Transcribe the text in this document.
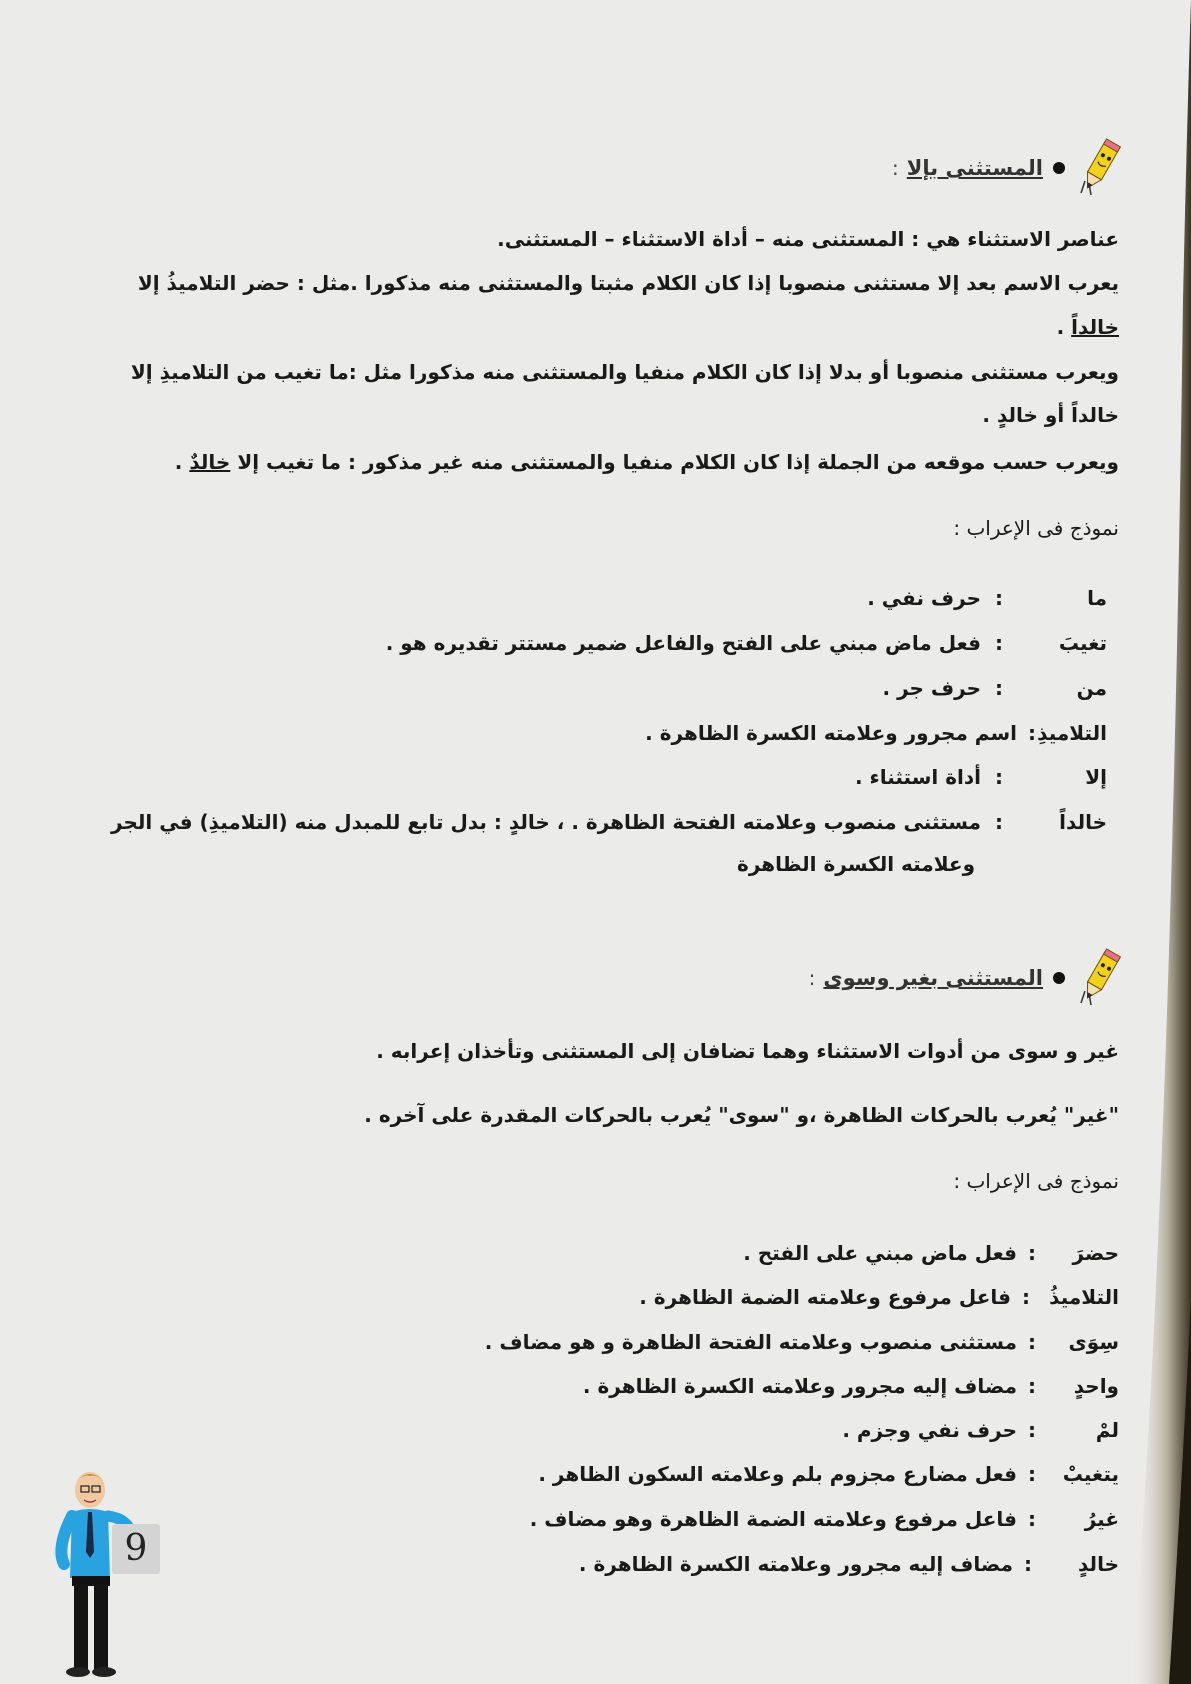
المستثنى بإلا
:
عناصر الاستثناء هي : المستثنى منه – أداة الاستثناء – المستثنى.
يعرب الاسم بعد إلا مستثنى منصوبا إذا كان الكلام مثبتا والمستثنى منه مذكورا .مثل : حضر التلاميذُ إلا
خالداً .
ويعرب مستثنى منصوبا أو بدلا إذا كان الكلام منفيا والمستثنى منه مذكورا مثل :ما تغيب من التلاميذِ إلا
خالداً أو خالدٍ .
ويعرب حسب موقعه من الجملة إذا كان الكلام منفيا والمستثنى منه غير مذكور : ما تغيب إلا خالدٌ .
نموذج فى الإعراب :
ما
:
حرف نفي .
تغيبَ
:
فعل ماض مبني على الفتح والفاعل ضمير مستتر تقديره هو .
من
:
حرف جر .
التلاميذِ
:
اسم مجرور وعلامته الكسرة الظاهرة .
إلا
:
أداة استثناء .
خالداً
:
مستثنى منصوب وعلامته الفتحة الظاهرة . ، خالدٍ : بدل تابع للمبدل منه (التلاميذِ) في الجر
وعلامته الكسرة الظاهرة
المستثنى بغير وسوى
:
غير و سوى من أدوات الاستثناء وهما تضافان إلى المستثنى وتأخذان إعرابه .
"غير" يُعرب بالحركات الظاهرة ،و "سوى" يُعرب بالحركات المقدرة على آخره .
نموذج فى الإعراب :
حضرَ
:
فعل ماض مبني على الفتح .
التلاميذُ
:
فاعل مرفوع وعلامته الضمة الظاهرة .
سِوَى
:
مستثنى منصوب وعلامته الفتحة الظاهرة و هو مضاف .
واحدٍ
:
مضاف إليه مجرور وعلامته الكسرة الظاهرة .
لمْ
:
حرف نفي وجزم .
يتغيبْ
:
فعل مضارع مجزوم بلم وعلامته السكون الظاهر .
غيرُ
:
فاعل مرفوع وعلامته الضمة الظاهرة وهو مضاف .
خالدٍ
:
مضاف إليه مجرور وعلامته الكسرة الظاهرة .
9
